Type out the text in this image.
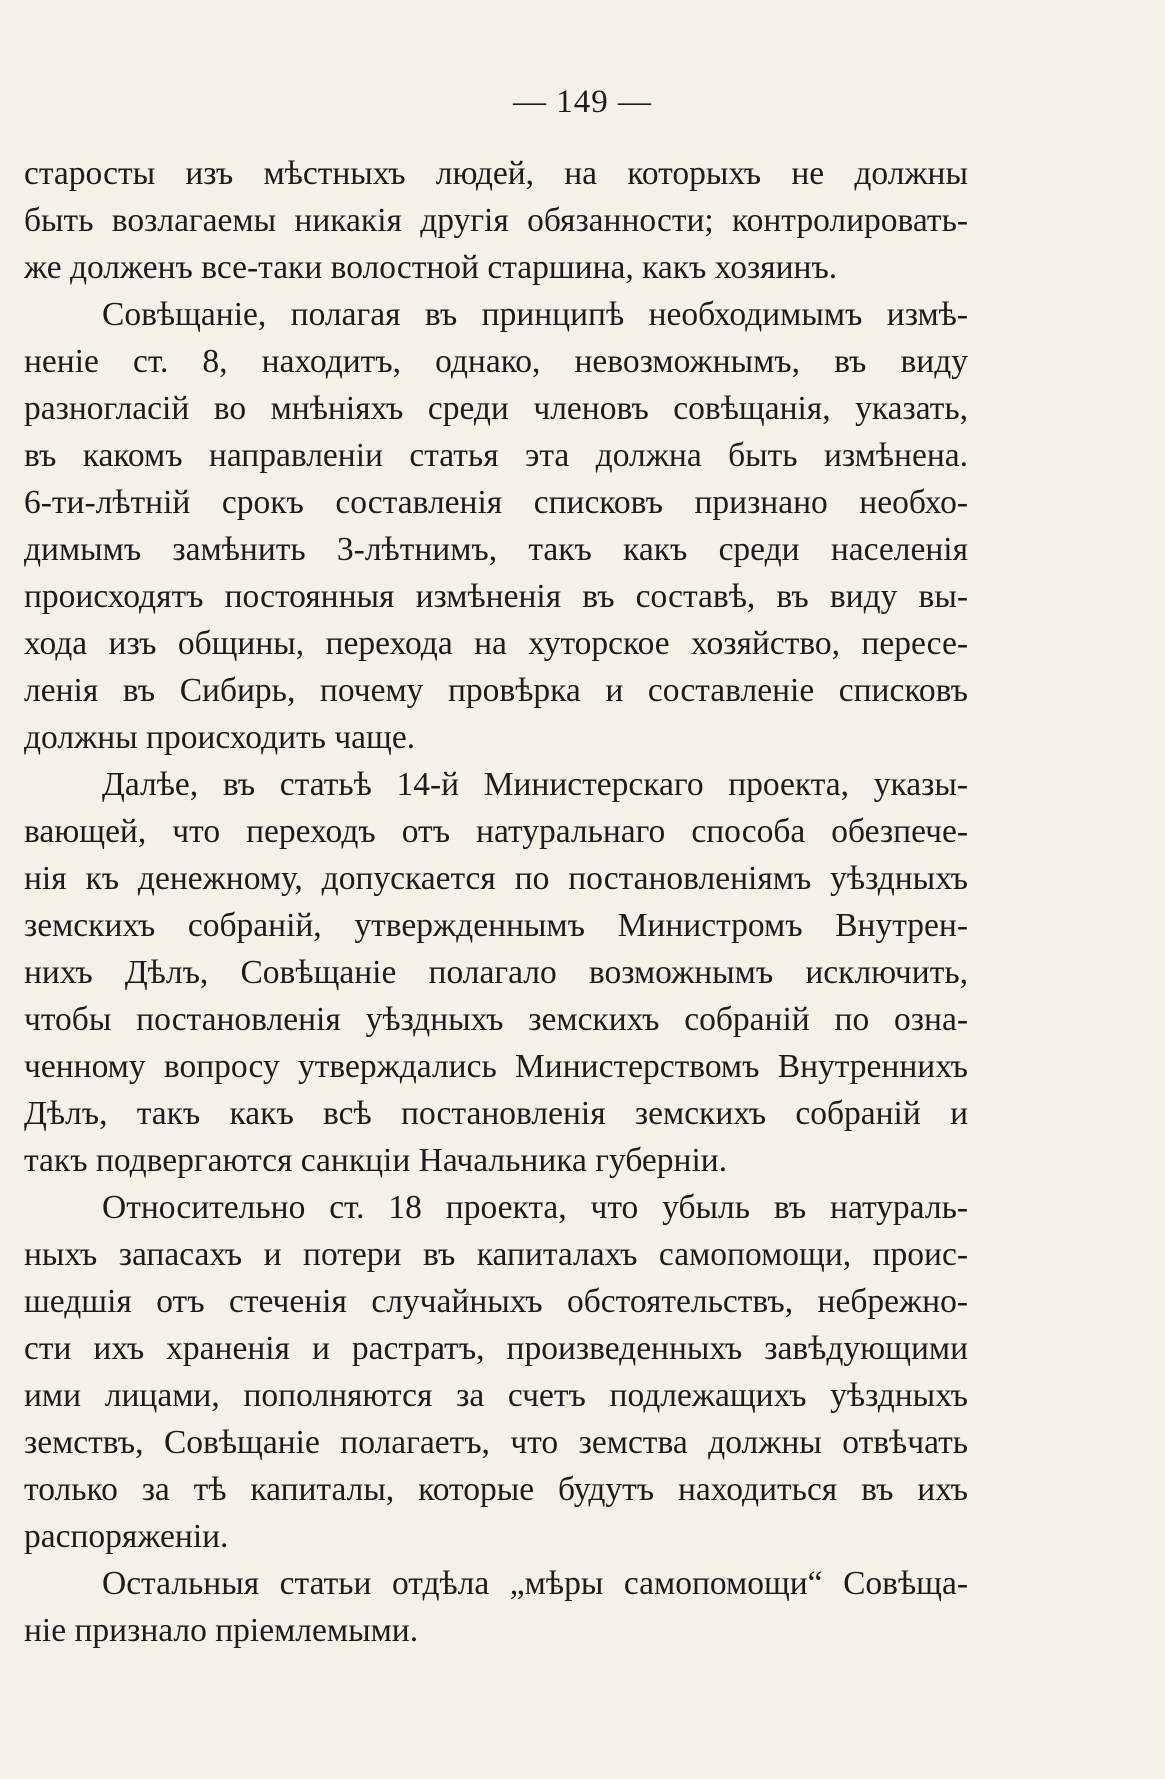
— 149 —
старосты изъ мѣстныхъ людей, на которыхъ не должны
быть возлагаемы никакія другія обязанности; контролировать-
же долженъ все-таки волостной старшина, какъ хозяинъ.
Совѣщаніе, полагая въ принципѣ необходимымъ измѣ-
неніе ст. 8, находитъ, однако, невозможнымъ, въ виду
разногласій во мнѣніяхъ среди членовъ совѣщанія, указать,
въ какомъ направленіи статья эта должна быть измѣнена.
6-ти-лѣтній срокъ составленія списковъ признано необхо-
димымъ замѣнить 3-лѣтнимъ, такъ какъ среди населенія
происходятъ постоянныя измѣненія въ составѣ, въ виду вы-
хода изъ общины, перехода на хуторское хозяйство, пересе-
ленія въ Сибирь, почему провѣрка и составленіе списковъ
должны происходить чаще.
Далѣе, въ статьѣ 14-й Министерскаго проекта, указы-
вающей, что переходъ отъ натуральнаго способа обезпече-
нія къ денежному, допускается по постановленіямъ уѣздныхъ
земскихъ собраній, утвержденнымъ Министромъ Внутрен-
нихъ Дѣлъ, Совѣщаніе полагало возможнымъ исключить,
чтобы постановленія уѣздныхъ земскихъ собраній по озна-
ченному вопросу утверждались Министерствомъ Внутреннихъ
Дѣлъ, такъ какъ всѣ постановленія земскихъ собраній и
такъ подвергаются санкціи Начальника губерніи.
Относительно ст. 18 проекта, что убыль въ натураль-
ныхъ запасахъ и потери въ капиталахъ самопомощи, проис-
шедшія отъ стеченія случайныхъ обстоятельствъ, небрежно-
сти ихъ храненія и растратъ, произведенныхъ завѣдующими
ими лицами, пополняются за счетъ подлежащихъ уѣздныхъ
земствъ, Совѣщаніе полагаетъ, что земства должны отвѣчать
только за тѣ капиталы, которые будутъ находиться въ ихъ
распоряженіи.
Остальныя статьи отдѣла „мѣры самопомощи“ Совѣща-
ніе признало пріемлемыми.
